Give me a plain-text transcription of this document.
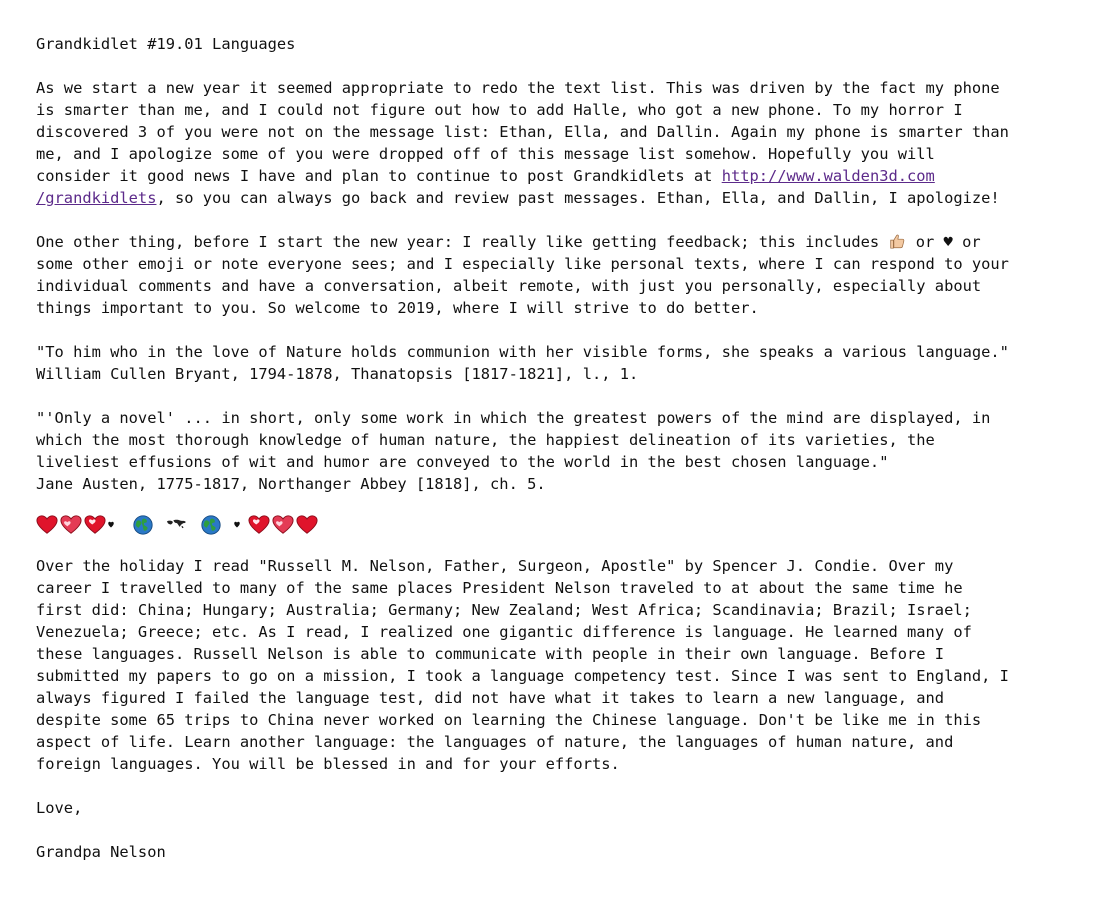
Grandkidlet #19.01 Languages

As we start a new year it seemed appropriate to redo the text list. This was driven by the fact my phone
is smarter than me, and I could not figure out how to add Halle, who got a new phone. To my horror I
discovered 3 of you were not on the message list: Ethan, Ella, and Dallin. Again my phone is smarter than
me, and I apologize some of you were dropped off of this message list somehow. Hopefully you will
consider it good news I have and plan to continue to post Grandkidlets at http://www.walden3d.com
/grandkidlets, so you can always go back and review past messages. Ethan, Ella, and Dallin, I apologize!

One other thing, before I start the new year: I really like getting feedback; this includes  or ♥ or
some other emoji or note everyone sees; and I especially like personal texts, where I can respond to your
individual comments and have a conversation, albeit remote, with just you personally, especially about
things important to you. So welcome to 2019, where I will strive to do better.

"To him who in the love of Nature holds communion with her visible forms, she speaks a various language."
William Cullen Bryant, 1794-1878, Thanatopsis [1817-1821], l., 1.

"'Only a novel' ... in short, only some work in which the greatest powers of the mind are displayed, in
which the most thorough knowledge of human nature, the happiest delineation of its varieties, the
liveliest effusions of wit and humor are conveyed to the world in the best chosen language."
Jane Austen, 1775-1817, Northanger Abbey [1818], ch. 5.

Over the holiday I read "Russell M. Nelson, Father, Surgeon, Apostle" by Spencer J. Condie. Over my
career I travelled to many of the same places President Nelson traveled to at about the same time he
first did: China; Hungary; Australia; Germany; New Zealand; West Africa; Scandinavia; Brazil; Israel;
Venezuela; Greece; etc. As I read, I realized one gigantic difference is language. He learned many of
these languages. Russell Nelson is able to communicate with people in their own language. Before I
submitted my papers to go on a mission, I took a language competency test. Since I was sent to England, I
always figured I failed the language test, did not have what it takes to learn a new language, and
despite some 65 trips to China never worked on learning the Chinese language. Don't be like me in this
aspect of life. Learn another language: the languages of nature, the languages of human nature, and
foreign languages. You will be blessed in and for your efforts.

Love,

Grandpa Nelson
